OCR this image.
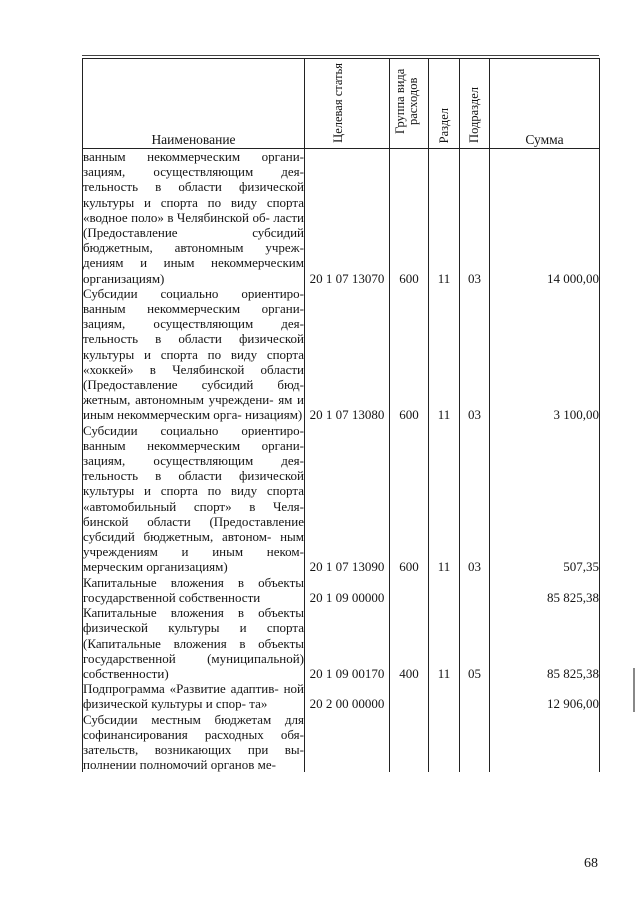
Наименование	Целевая статья	Группа вида расходов	Раздел	Подраздел	Сумма
ванным некоммерческим органи- зациям, осуществляющим дея- тельность в области физической культуры и спорта по виду спорта «водное поло» в Челябинской об- ласти (Предоставление субсидий бюджетным, автономным учреж- дениям и иным некоммерческим организациям)	20 1 07 13070	600	11	03	14 000,00
Субсидии социально ориентиро- ванным некоммерческим органи- зациям, осуществляющим дея- тельность в области физической культуры и спорта по виду спорта «хоккей» в Челябинской области (Предоставление субсидий бюд- жетным, автономным учреждени- ям и иным некоммерческим орга- низациям)	20 1 07 13080	600	11	03	3 100,00
Субсидии социально ориентиро- ванным некоммерческим органи- зациям, осуществляющим дея- тельность в области физической культуры и спорта по виду спорта «автомобильный спорт» в Челя- бинской области (Предоставление субсидий бюджетным, автоном- ным учреждениям и иным неком- мерческим организациям)	20 1 07 13090	600	11	03	507,35
Капитальные вложения в объекты государственной собственности	20 1 09 00000				85 825,38
Капитальные вложения в объекты физической культуры и спорта (Капитальные вложения в объекты государственной (муниципальной) собственности)	20 1 09 00170	400	11	05	85 825,38
Подпрограмма «Развитие адаптив- ной физической культуры и спор- та»	20 2 00 00000				12 906,00
Субсидии местным бюджетам для софинансирования расходных обя- зательств, возникающих при вы- полнении полномочий органов ме-					
68
